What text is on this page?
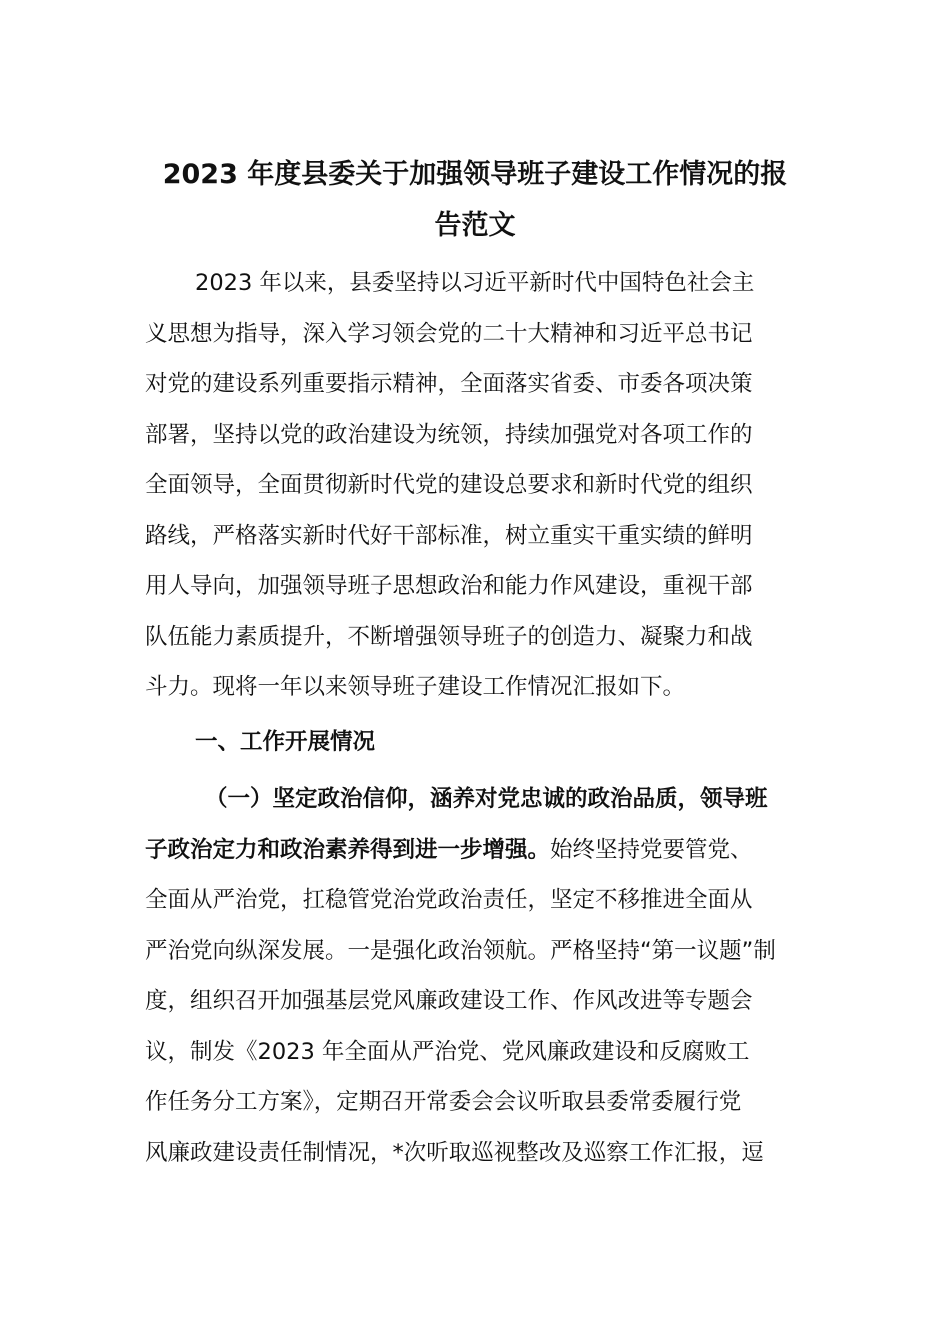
2023 年度县委关于加强领导班子建设工作情况的报
告范文
2023 年以来，县委坚持以习近平新时代中国特色社会主
义思想为指导，深入学习领会党的二十大精神和习近平总书记
对党的建设系列重要指示精神，全面落实省委、市委各项决策
部署，坚持以党的政治建设为统领，持续加强党对各项工作的
全面领导，全面贯彻新时代党的建设总要求和新时代党的组织
路线，严格落实新时代好干部标准，树立重实干重实绩的鲜明
用人导向，加强领导班子思想政治和能力作风建设，重视干部
队伍能力素质提升，不断增强领导班子的创造力、凝聚力和战
斗力。现将一年以来领导班子建设工作情况汇报如下。
一、工作开展情况
（一）坚定政治信仰，涵养对党忠诚的政治品质，领导班
子政治定力和政治素养得到进一步增强。始终坚持党要管党、
全面从严治党，扛稳管党治党政治责任，坚定不移推进全面从
严治党向纵深发展。一是强化政治领航。严格坚持“第一议题”制
度，组织召开加强基层党风廉政建设工作、作风改进等专题会
议，制发《2023 年全面从严治党、党风廉政建设和反腐败工
作任务分工方案》，定期召开常委会会议听取县委常委履行党
风廉政建设责任制情况，*次听取巡视整改及巡察工作汇报，逗
